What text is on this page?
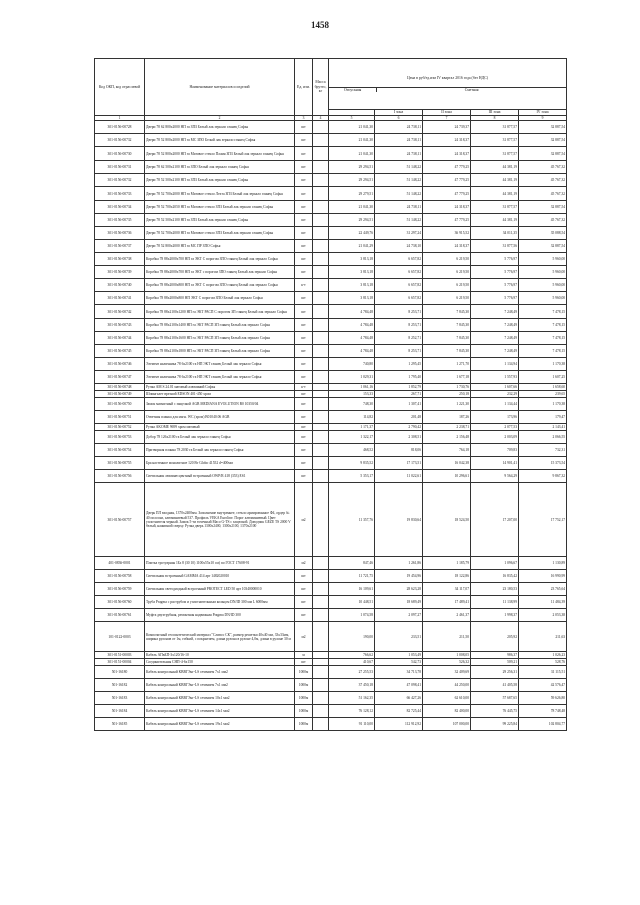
1458
Код ОКП, код отраслевой	Наименование материалов и изделий	Ед. изм.	Масса брутто, кг	Цена в руб/ед.изм IV квартал 2016 года (без НДС)
Отпускная Сметная				

					I зона	II зона	III зона	IV зона
1	2	3	4	5	6	7	8	9
301-0156-00728	Двери 78 62 800х2000 НП га ЗПЗ Белый лак зеркало глянец Софья	шт		21 041,30	24 738,11	24 739,37	31 877,57	32 887,54
301-0156-00732	Двери 78 52 800х2000 НП га МС ЗПО Белый лак зеркало глянец Софья	шт		21 041,30	24 738,11	24 318,37	31 877,57	32 887,54
301-0156-00730	Двери 78 52 800х2000 НП га Матовое стекло Пламя ЗПЗ Белый лак зеркало глянец Софья	шт		21 041,30	24 738,11	24 318,37	31 877,57	32 887,54
301-0156-00731	Двери 78 62 500х2100 НП га ЗПО Белый лак зеркало глянец Софья	шт		29 294,51	51 148,22	47 779,25	44 381,19	45 767,32
301-0156-00732	Двери 78 52 500х2100 НП га ЗПЗ Белый лак зеркало глянец Софья	шт		29 294,51	51 148,22	47 779,25	44 381,19	45 767,32
301-0156-00733	Двери 78 52 700х2000 НП га Матовое стекло Лехта ЗПЗ Белый лак зеркало глянец Софья	шт		29 279,51	51 148,22	47 779,25	44 381,19	45 767,32
301-0156-00734	Двери 78 52 700х2050 НП га Матовое стекло ЗПЗ Белый лак зеркало глянец Софья	шт		21 041,30	24 738,11	24 318,37	31 877,57	32 887,54
301-0156-00735	Двери 78 52 500х2100 НП га ЗПЗ Белый лак зеркало глянец Софья	шт		29 294,51	51 148,22	47 779,25	44 381,19	45 767,32
301-0156-00736	Двери 78 52 700х2000 НП га Матовое стекло ЗПЗ Белый лак зеркало глянец Софья	шт		22 449,76	31 297,24	36 915,52	34 011,35	35 088,54
301-0156-00737	Двери 78 52 800х2000 НП га МС ПР ЗПО Софья	шт		21 041,29	24 738,10	24 318,37	31 877,56	32 887,54
301-0156-00738	Коробка 78 88х2000х700 НП га ЭКТ С порогом ЗПО глянец Белый лак зеркало Софья	шт		3 813,18	6 657,82	6 219,50	5 776,97	5 960,00
301-0156-00739	Коробка 78 88х2000х700 НП га ЭКТ с порогом ЗПО глянец Белый лак зеркало Софья	шт		3 813,18	6 657,82	6 219,50	5 776,97	5 960,00
301-0156-00740	Коробка 78 88х2000х800 НП га ЭКТ С порогом ЗПО глянец Белый лак зеркало Софья	к-т		3 813,18	6 657,82	6 219,50	5 776,97	5 960,00
301-0156-00741	Коробка 78 88х2000х800 НП ЭКТ С порогом ЗПО Белый лак зеркало Софья	шт		3 813,18	6 657,82	6 219,50	5 776,97	5 960,00
301-0156-00742	Коробка 78 88х2100х1200 НП га ЭКТ РАСП С порогом ЗП глянец Белый лак зеркало Софья	шт		4 784,48	8 253,71	7 845,30	7 248,49	7 478,15
301-0156-00743	Коробка 78 88х2100х1400 НП га ЭКТ РАСП ЗП глянец Белый лак зеркало Софья	шт		4 784,48	8 253,71	7 845,30	7 248,49	7 478,15
301-0156-00744	Коробка 78 88х2100х1600 НП га ЭКТ РАСП ЗП глянец Белый лак зеркало Софья	шт		4 784,48	8 252,71	7 845,30	7 248,49	7 478,15
301-0156-00745	Коробка 78 88х2100х1800 НП га ЭКТ РАСП ЗП глянец Белый лак зеркало Софья	шт		4 784,48	8 253,71	7 845,30	7 248,49	7 478,15
301-0156-00746	Элемент наличника 78 6х2100 га НП ЭКТ глянец Белый лак зеркало Софья	шт		740,80	1 295,45	1 271,70	1 134,94	1 170,38
301-0156-00747	Элемент наличника 78 6х2100 га НП ЭКТ глянец Белый лак зеркало Софья	шт		1 029,31	1 795,40	1 677,18	1 557,93	1 607,25
301-0156-00748	Ручка АМ S 24.01 матовый алюминий Софья	к-т		1 061,16	1 852,79	1 730,76	1 607,66	1 658,60
301-0156-00749	Шпингалет врезной EDSON 401-450 хром	шт		153,33	267,71	250,18	232,29	239,65
301-0156-00750	Замок магнитный с защелкой AGB MEDIANA EVOLUTION B0 10350/04	шт		748,30	1 307,41	1 221,30	1 134,44	1 170,38
301-0156-00751	Ответная планка для магн. WC (хром) B01040.06 AGB	шт		114,82	201,48	187,26	173,96	179,47
301-0156-00752	Ручка AKOME 9699 хром матовый	шт		1 171,37	2 790,42	2 238,71	2 077,53	2 143,41
301-0156-00753	Добор 78 126х2100 га Белый лак зеркало глянец Софья	шт		1 322,17	2 308,51	2 156,48	2 003,09	2 066,55
301-0156-00754	Притворная планка 78 2030 га Белый лак зеркало глянец Софья	шт		468,52	818,06	764,18	709,83	732,31
301-0156-00755	Бра настенное монолитное 120 Вт Globo 41552 d=400мм	шт		9 835,52	17 173,51	16 042,38	14 901,41	15 373,54
301-0156-00756	Светильник люминесцентный встроенный ОWP/R 418 (353) ES1	шт		5 353,17	11 022,61	10 296,61	9 564,29	9 867,32
301-0156-00757	Дверь ПЛ входная, 1370х2400мм. Заполнение внутреннее, стекло армированное Ф4, ордер № 40 полоски, алюминиевый 537. Профиль VEKA Euroline. Порог алюминиевый. Цвет уплотнителя черный. Замок 5-ти точечный Maco G-TS с защелкой. Доводчик GEZE TS 2000 V белый, наживной сверху. Ручка дверь 1300х2400, 1300х2100, 1370х2100	м2		11 357,76	19 830,64	18 524,50	17 207,00	17 752,17
401-0836-0001	Плитка тротуарная 1Бs 8 (30 10) 1100х55х10 см) по ГОСТ 17608-91	м2		847,46	1 261,86	1 185,79	1 096,67	1 130,89
301-0156-00758	Светильник встроенный GAMMA 414 арт 1482020010	шт		11 721,75	19 454,96	18 122,86	16 835,42	16 990,99
301-0156-00759	Светильник светодиодный встроенный PROTECT LED 50 арт 10340000010	шт		16 109,61	28 623,28	34 117,07	23 180,53	23 765,64
301-0156-00760	Труба Pragma с раструбом и уплотнительным кольцом DN/ID 300 мм L 6000мм	шт		10 448,51	18 689,49	17 489,41	11 138,99	11 484,39
301-0156-00761	Муфта двухтрубная, ремонтная надвижная Pragma DN/ID 300	шт		1 074,58	2 097,27	2 461,37	1 998,37	2 053,38
101-0122-0003	Композитный геосинтетический материал "Сливос СК", размер решетки 40х40 мм, 33х33мм, ширина рулонов от 1м, гибкий, с покрытием, длина рулона в рулоне 4,0м, длина в рулоне 30 м	м2		190,00	233,51	211,50	205,92	211,63
301-0151-00003	Кабель АПвБП-3х120/16-10	м		766,62	1 053,49	1 008,05	986,37	1 026,23
301-0151-00004	Соединительная СНП-4-6х150	шт		410,67	542,73	526,32	509,21	528,76
501-16180	Кабель контрольный КВВГЭнг-LS сечением 7х1 мм2	1000м		27 255,53	34 713,78	32 409,69	29 256,31	31 115,51
501-16182	Кабель контрольный КВВГЭнг-LS сечением 7х1 мм2	1000м		37 450,18	47 098,41	44 250,00	41 405,58	42 576,47
501-16183	Кабель контрольный КВВГЭнг-LS сечением 10х1 мм2	1000м		51 162,35	66 427,26	62 610,00	57 687,65	59 626,80
501-16184	Кабель контрольный КВВГЭнг-LS сечением 14х1 мм2	1000м		76 128,12	82 725,44	82 400,00	76 445,75	78 748,48
501-16185	Кабель контрольный КВВГЭнг-LS сечением 19х1 мм2	1000м		91 110,00	112 912,92	107 000,00	99 225,84	102 804,77
